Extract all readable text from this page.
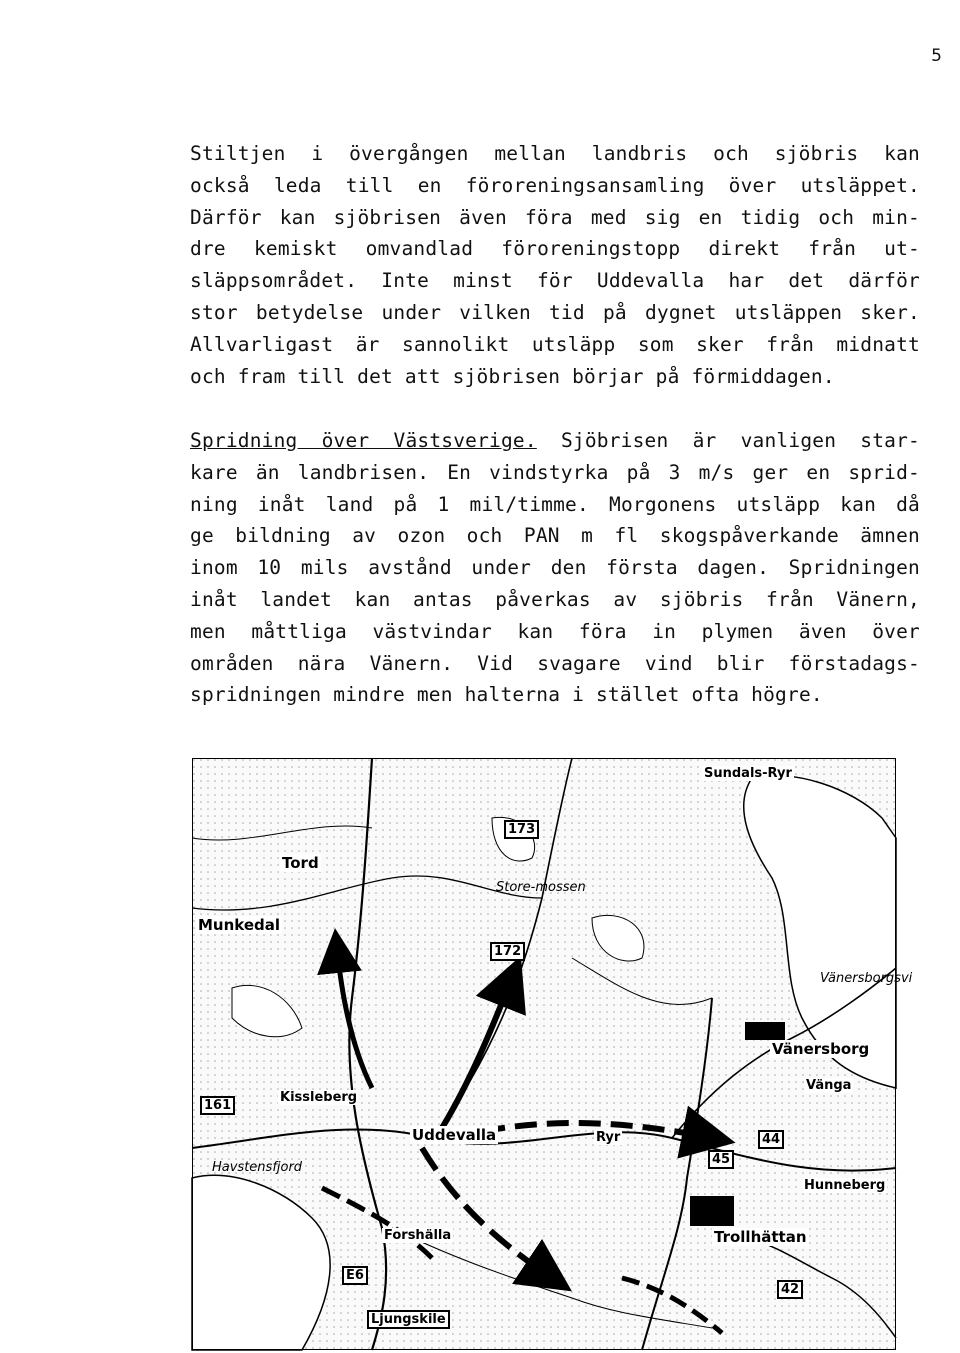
5
Stiltjen i övergången mellan landbris och sjöbris kan
också leda till en föroreningsansamling över utsläppet.
Därför kan sjöbrisen även föra med sig en tidig och min-
dre kemiskt omvandlad föroreningstopp direkt från ut-
släppsområdet. Inte minst för Uddevalla har det därför
stor betydelse under vilken tid på dygnet utsläppen sker.
Allvarligast är sannolikt utsläpp som sker från midnatt
och fram till det att sjöbrisen börjar på förmiddagen.
Spridning över Västsverige. Sjöbrisen är vanligen star-
kare än landbrisen. En vindstyrka på 3 m/s ger en sprid-
ning inåt land på 1 mil/timme. Morgonens utsläpp kan då
ge bildning av ozon och PAN m fl skogspåverkande ämnen
inom 10 mils avstånd under den första dagen. Spridningen
inåt landet kan antas påverkas av sjöbris från Vänern,
men måttliga västvindar kan föra in plymen även över
områden nära Vänern. Vid svagare vind blir förstadags-
spridningen mindre men halterna i stället ofta högre.
Uddevalla
Vänersborg
Trollhättan
Vänersborgsvi
Munkedal
Hunneberg
Ljungskile
Tord
Store-mossen
Sundals-Ryr
Vänga
Forshälla
Kissleberg
Ryr
Havstensfjord
173
172
161
45
44
42
E6
